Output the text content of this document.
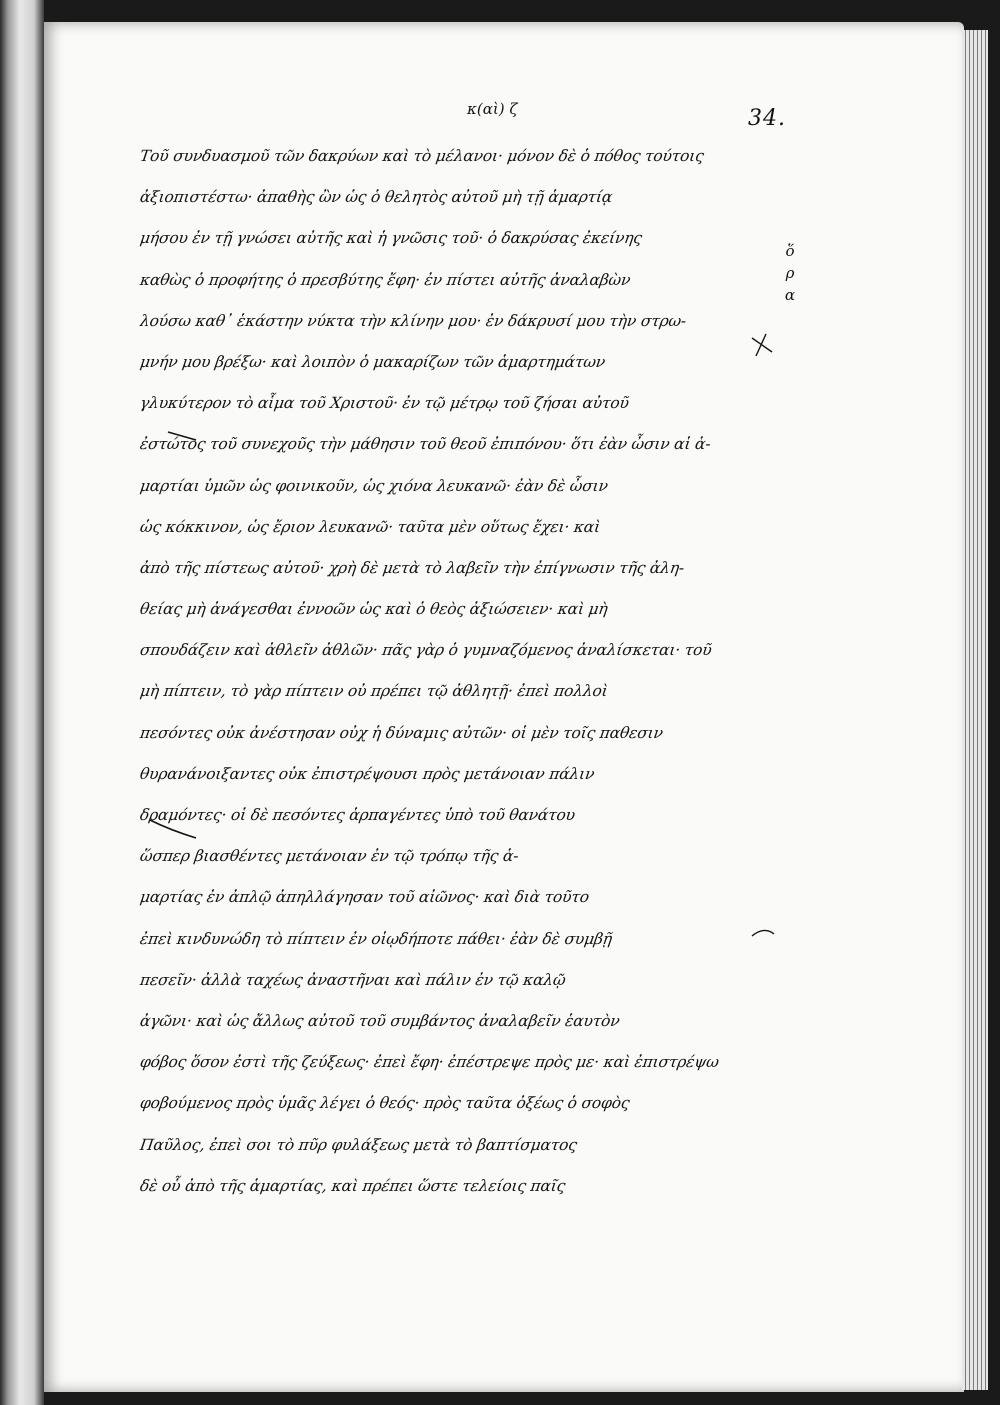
34.
κ(αὶ) ζ
ὅ
ρ
α
Τοῦ συνδυασμοῦ τῶν δακρύων καὶ τὸ μέλανοι· μόνον δὲ ὁ πόθος τούτοις
ἀξιοπιστέστω· ἀπαθὴς ὢν ὡς ὁ θελητὸς αὐτοῦ μὴ τῇ ἁμαρτίᾳ
μήσου ἐν τῇ γνώσει αὐτῆς καὶ ἡ γνῶσις τοῦ· ὁ δακρύσας ἐκείνης
καθὼς ὁ προφήτης ὁ πρεσβύτης ἔφη· ἐν πίστει αὐτῆς ἀναλαβὼν
λούσω καθ᾽ ἑκάστην νύκτα τὴν κλίνην μου· ἐν δάκρυσί μου τὴν στρω-
μνήν μου βρέξω· καὶ λοιπὸν ὁ μακαρίζων τῶν ἁμαρτημάτων
γλυκύτερον τὸ αἷμα τοῦ Χριστοῦ· ἐν τῷ μέτρῳ τοῦ ζήσαι αὐτοῦ
ἐστώτος τοῦ συνεχοῦς τὴν μάθησιν τοῦ θεοῦ ἐπιπόνου· ὅτι ἐὰν ὦσιν αἱ ἁ-
μαρτίαι ὑμῶν ὡς φοινικοῦν, ὡς χιόνα λευκανῶ· ἐὰν δὲ ὦσιν
ὡς κόκκινον, ὡς ἔριον λευκανῶ· ταῦτα μὲν οὕτως ἔχει· καὶ
ἀπὸ τῆς πίστεως αὐτοῦ· χρὴ δὲ μετὰ τὸ λαβεῖν τὴν ἐπίγνωσιν τῆς ἀλη-
θείας μὴ ἀνάγεσθαι ἐννοῶν ὡς καὶ ὁ θεὸς ἀξιώσειεν· καὶ μὴ
σπουδάζειν καὶ ἀθλεῖν ἀθλῶν· πᾶς γὰρ ὁ γυμναζόμενος ἀναλίσκεται· τοῦ
μὴ πίπτειν, τὸ γὰρ πίπτειν οὐ πρέπει τῷ ἀθλητῇ· ἐπεὶ πολλοὶ
πεσόντες οὐκ ἀνέστησαν οὐχ ἡ δύναμις αὐτῶν· οἱ μὲν τοῖς παθεσιν
θυρανάνοιξαντες οὐκ ἐπιστρέψουσι πρὸς μετάνοιαν πάλιν
δραμόντες· οἱ δὲ πεσόντες ἁρπαγέντες ὑπὸ τοῦ θανάτου
ὥσπερ βιασθέντες μετάνοιαν ἐν τῷ τρόπῳ τῆς ἁ-
μαρτίας ἐν ἀπλῷ ἀπηλλάγησαν τοῦ αἰῶνος· καὶ διὰ τοῦτο
ἐπεὶ κινδυνώδη τὸ πίπτειν ἐν οἱῳδήποτε πάθει· ἐὰν δὲ συμβῇ
πεσεῖν· ἀλλὰ ταχέως ἀναστῆναι καὶ πάλιν ἐν τῷ καλῷ
ἀγῶνι· καὶ ὡς ἄλλως αὐτοῦ τοῦ συμβάντος ἀναλαβεῖν ἑαυτὸν
φόβος ὅσον ἐστὶ τῆς ζεύξεως· ἐπεὶ ἔφη· ἐπέστρεψε πρὸς με· καὶ ἐπιστρέψω
φοβούμενος πρὸς ὑμᾶς λέγει ὁ θεός· πρὸς ταῦτα ὀξέως ὁ σοφὸς
Παῦλος, ἐπεὶ σοι τὸ πῦρ φυλάξεως μετὰ τὸ βαπτίσματος
δὲ οὗ ἀπὸ τῆς ἁμαρτίας, καὶ πρέπει ὥστε τελείοις παῖς
